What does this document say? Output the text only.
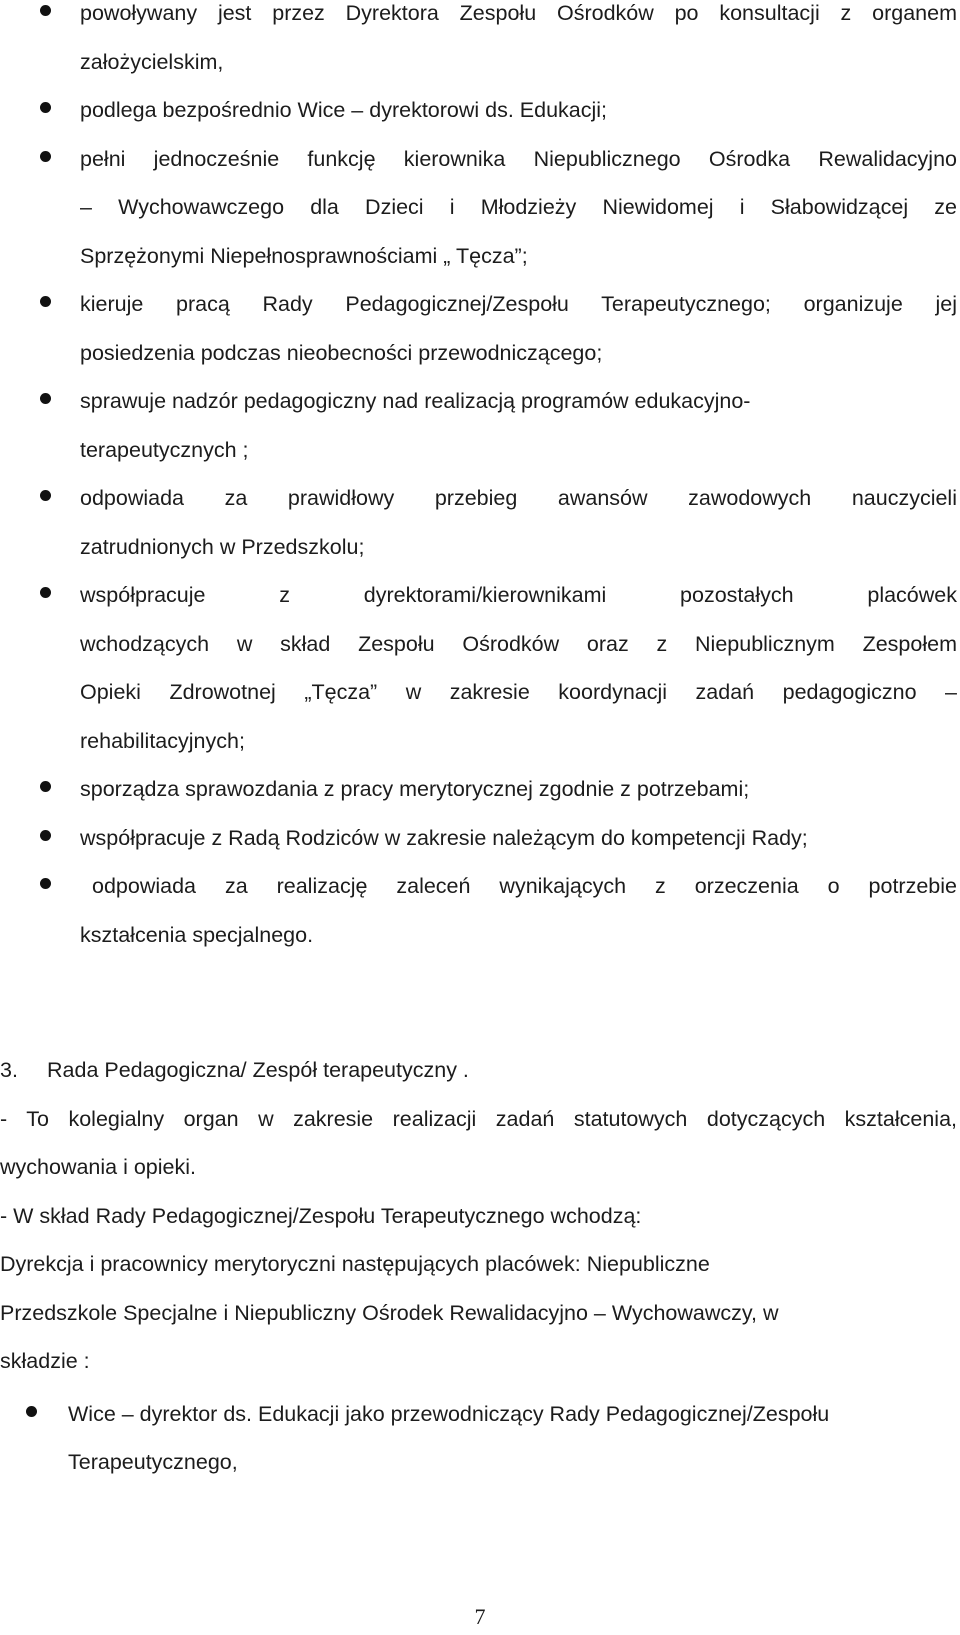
powoływany jest przez Dyrektora Zespołu Ośrodków po konsultacji z organem
założycielskim,
podlega bezpośrednio Wice – dyrektorowi ds. Edukacji;
pełni jednocześnie funkcję kierownika Niepublicznego Ośrodka Rewalidacyjno
– Wychowawczego dla Dzieci i Młodzieży Niewidomej i Słabowidzącej ze
Sprzężonymi Niepełnosprawnościami „ Tęcza”;
kieruje pracą Rady Pedagogicznej/Zespołu Terapeutycznego; organizuje jej
posiedzenia podczas nieobecności przewodniczącego;
sprawuje nadzór pedagogiczny nad realizacją programów edukacyjno-
terapeutycznych ;
odpowiada za prawidłowy przebieg awansów zawodowych nauczycieli
zatrudnionych w Przedszkolu;
współpracuje z dyrektorami/kierownikami pozostałych placówek
wchodzących w skład Zespołu Ośrodków oraz z Niepublicznym Zespołem
Opieki Zdrowotnej „Tęcza” w zakresie koordynacji zadań pedagogiczno –
rehabilitacyjnych;
sporządza sprawozdania z pracy merytorycznej zgodnie z potrzebami;
współpracuje z Radą Rodziców w zakresie należącym do kompetencji Rady;
odpowiada za realizację zaleceń wynikających z orzeczenia o potrzebie
kształcenia specjalnego.

3. Rada Pedagogiczna/ Zespół terapeutyczny .

- To kolegialny organ w zakresie realizacji zadań statutowych dotyczących kształcenia,
wychowania i opieki.

- W skład Rady Pedagogicznej/Zespołu Terapeutycznego wchodzą:
Dyrekcja i pracownicy merytoryczni następujących placówek: Niepubliczne
Przedszkole Specjalne i Niepubliczny Ośrodek Rewalidacyjno – Wychowawczy, w
składzie :

Wice – dyrektor ds. Edukacji jako przewodniczący Rady Pedagogicznej/Zespołu
Terapeutycznego,
7
